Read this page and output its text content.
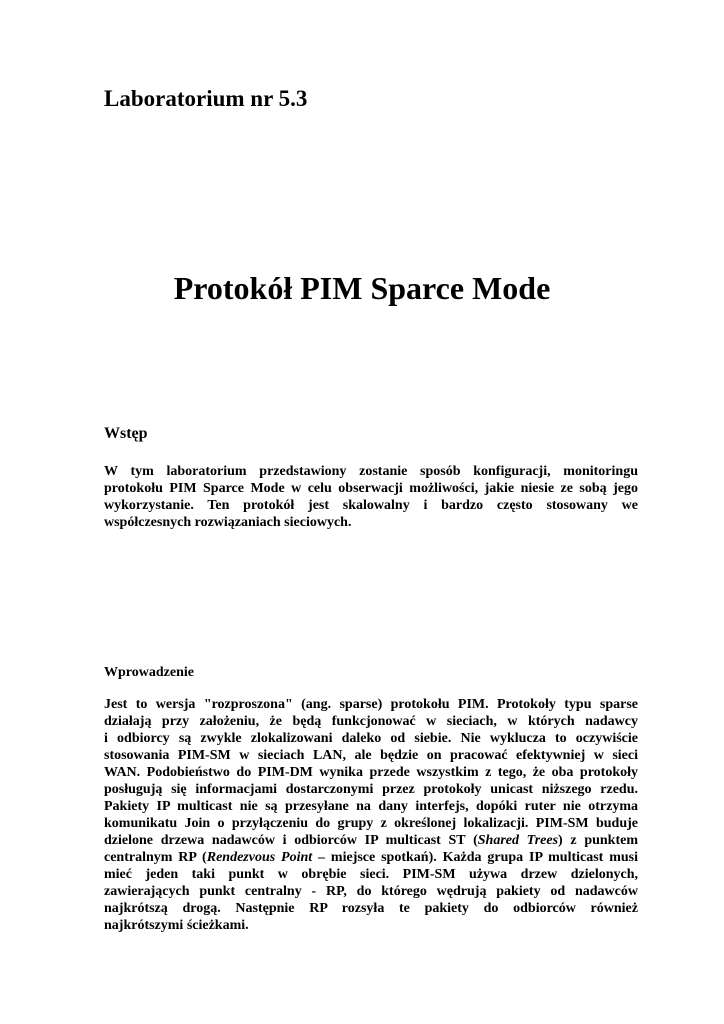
Laboratorium nr 5.3
Protokół PIM Sparce Mode
Wstęp
W tym laboratorium przedstawiony zostanie sposób konfiguracji, monitoringu
protokołu PIM Sparce Mode w celu obserwacji możliwości, jakie niesie ze sobą jego
wykorzystanie. Ten protokół jest skalowalny i bardzo często stosowany we
współczesnych rozwiązaniach sieciowych.
Wprowadzenie
Jest to wersja "rozproszona" (ang. sparse) protokołu PIM. Protokoły typu sparse
działają przy założeniu, że będą funkcjonować w sieciach, w których nadawcy
i odbiorcy są zwykle zlokalizowani daleko od siebie. Nie wyklucza to oczywiście
stosowania PIM-SM w sieciach LAN, ale będzie on pracować efektywniej w sieci
WAN. Podobieństwo do PIM-DM wynika przede wszystkim z tego, że oba protokoły
posługują się informacjami dostarczonymi przez protokoły unicast niższego rzedu.
Pakiety IP multicast nie są przesyłane na dany interfejs, dopóki ruter nie otrzyma
komunikatu Join o przyłączeniu do grupy z określonej lokalizacji. PIM-SM buduje
dzielone drzewa nadawców i odbiorców IP multicast ST (Shared Trees) z punktem
centralnym RP (Rendezvous Point – miejsce spotkań). Każda grupa IP multicast musi
mieć jeden taki punkt w obrębie sieci. PIM-SM używa drzew dzielonych,
zawierających punkt centralny - RP, do którego wędrują pakiety od nadawców
najkrótszą drogą. Następnie RP rozsyła te pakiety do odbiorców również
najkrótszymi ścieżkami.
